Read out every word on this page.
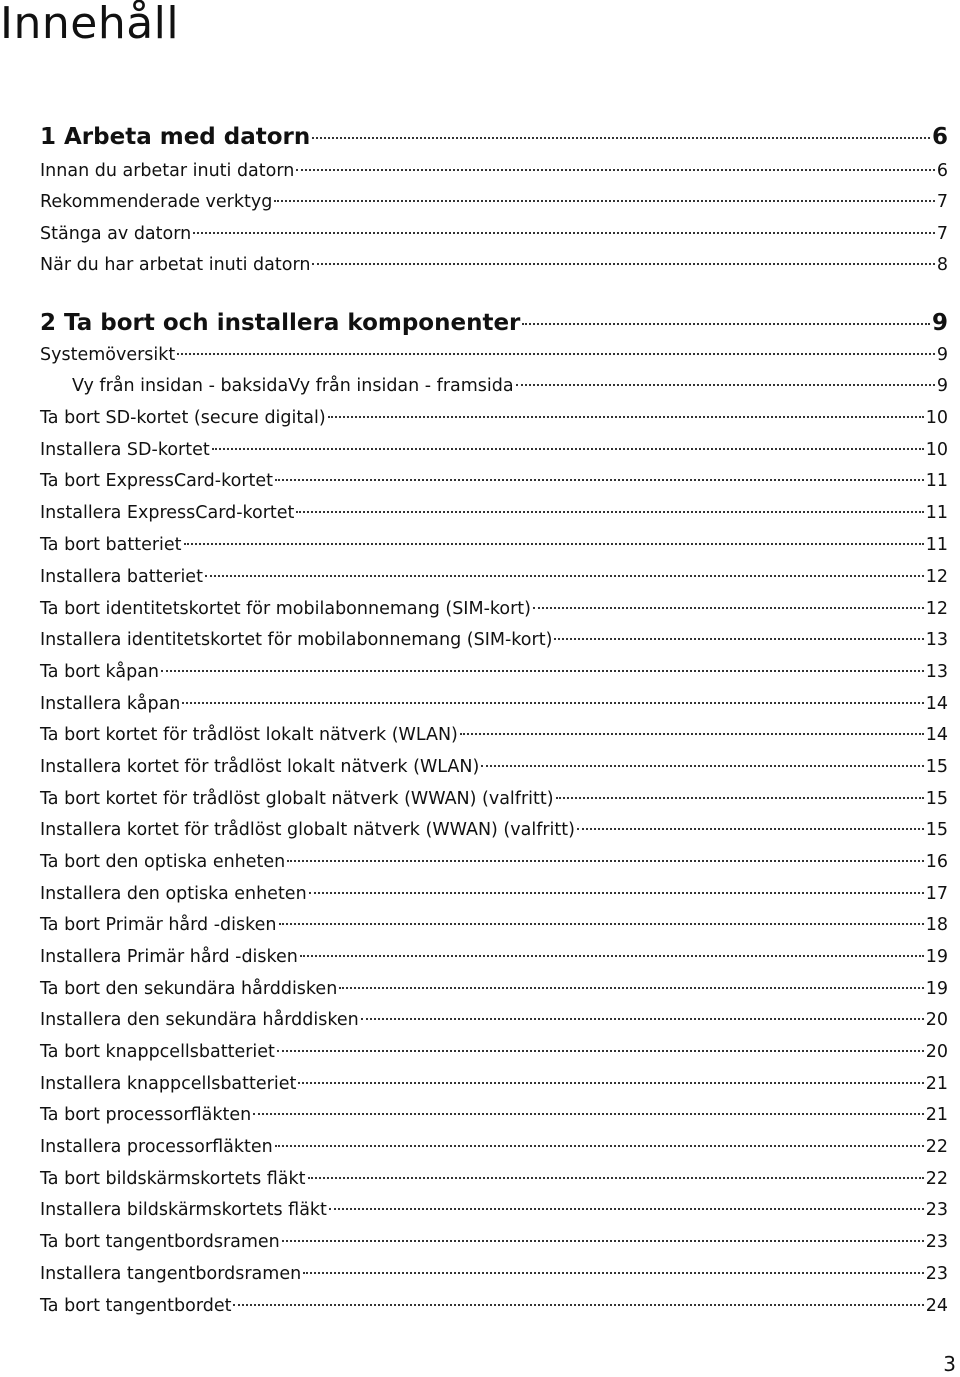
Innehåll
1 Arbeta med datorn	6
Innan du arbetar inuti datorn	6
Rekommenderade verktyg	7
Stänga av datorn	7
När du har arbetat inuti datorn	8
2 Ta bort och installera komponenter	9
Systemöversikt	9
Vy från insidan - baksidaVy från insidan - framsida	9
Ta bort SD-kortet (secure digital)	10
Installera SD-kortet	10
Ta bort ExpressCard-kortet	11
Installera ExpressCard-kortet	11
Ta bort batteriet	11
Installera batteriet	12
Ta bort identitetskortet för mobilabonnemang (SIM-kort)	12
Installera identitetskortet för mobilabonnemang (SIM-kort)	13
Ta bort kåpan	13
Installera kåpan	14
Ta bort kortet för trådlöst lokalt nätverk (WLAN)	14
Installera kortet för trådlöst lokalt nätverk (WLAN)	15
Ta bort kortet för trådlöst globalt nätverk (WWAN) (valfritt)	15
Installera kortet för trådlöst globalt nätverk (WWAN) (valfritt)	15
Ta bort den optiska enheten	16
Installera den optiska enheten	17
Ta bort Primär hård -disken	18
Installera Primär hård -disken	19
Ta bort den sekundära hårddisken	19
Installera den sekundära hårddisken	20
Ta bort knappcellsbatteriet	20
Installera knappcellsbatteriet	21
Ta bort processorfläkten	21
Installera processorfläkten	22
Ta bort bildskärmskortets fläkt	22
Installera bildskärmskortets fläkt	23
Ta bort tangentbordsramen	23
Installera tangentbordsramen	23
Ta bort tangentbordet	24
3
